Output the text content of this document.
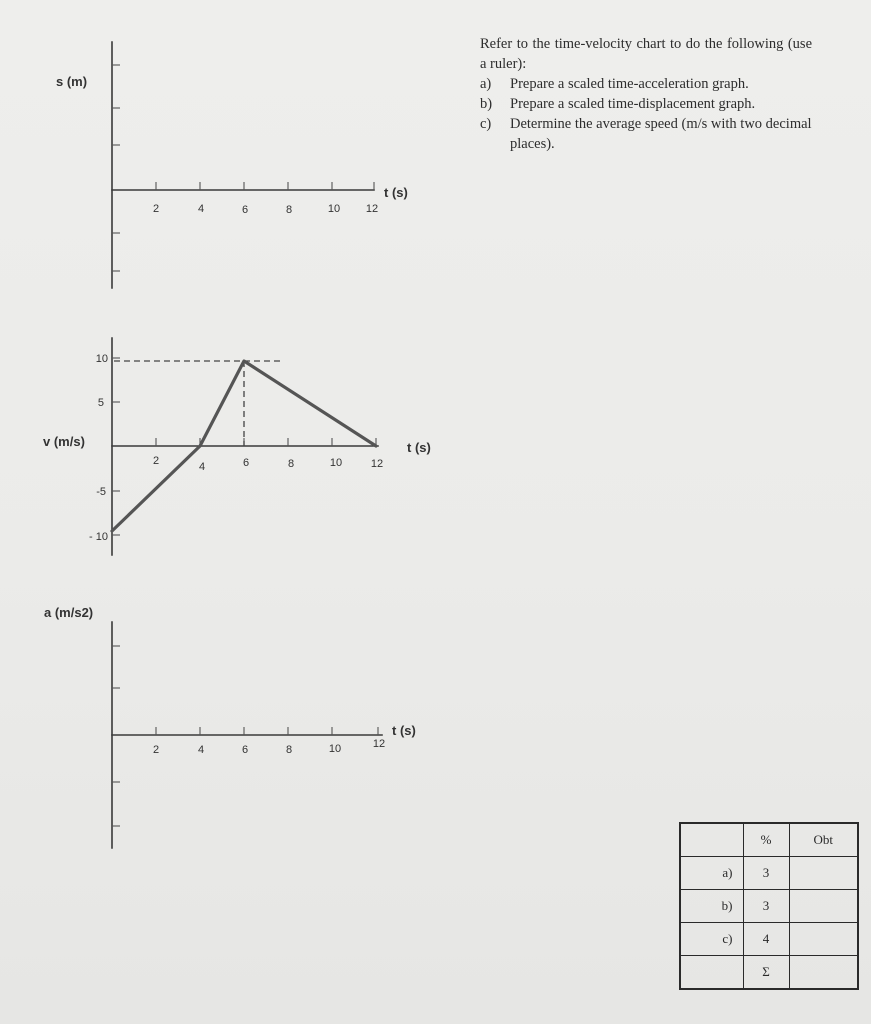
s (m)
t (s)
v (m/s)	t (s)
a (m/s2)
t (s)
2	4	6	8	10 12
2	4	6	8	10	12
10
5
-5
- 10
2	4	6	8	10	12
Refer to the time-velocity chart to do the following (use a ruler):
a)	Prepare a scaled time-acceleration graph.
b)	Prepare a scaled time-displacement graph.
c)	Determine the average speed (m/s with two decimal places).
	%	Obt
a)	3	
b)	3	
c)	4	
	Σ	
